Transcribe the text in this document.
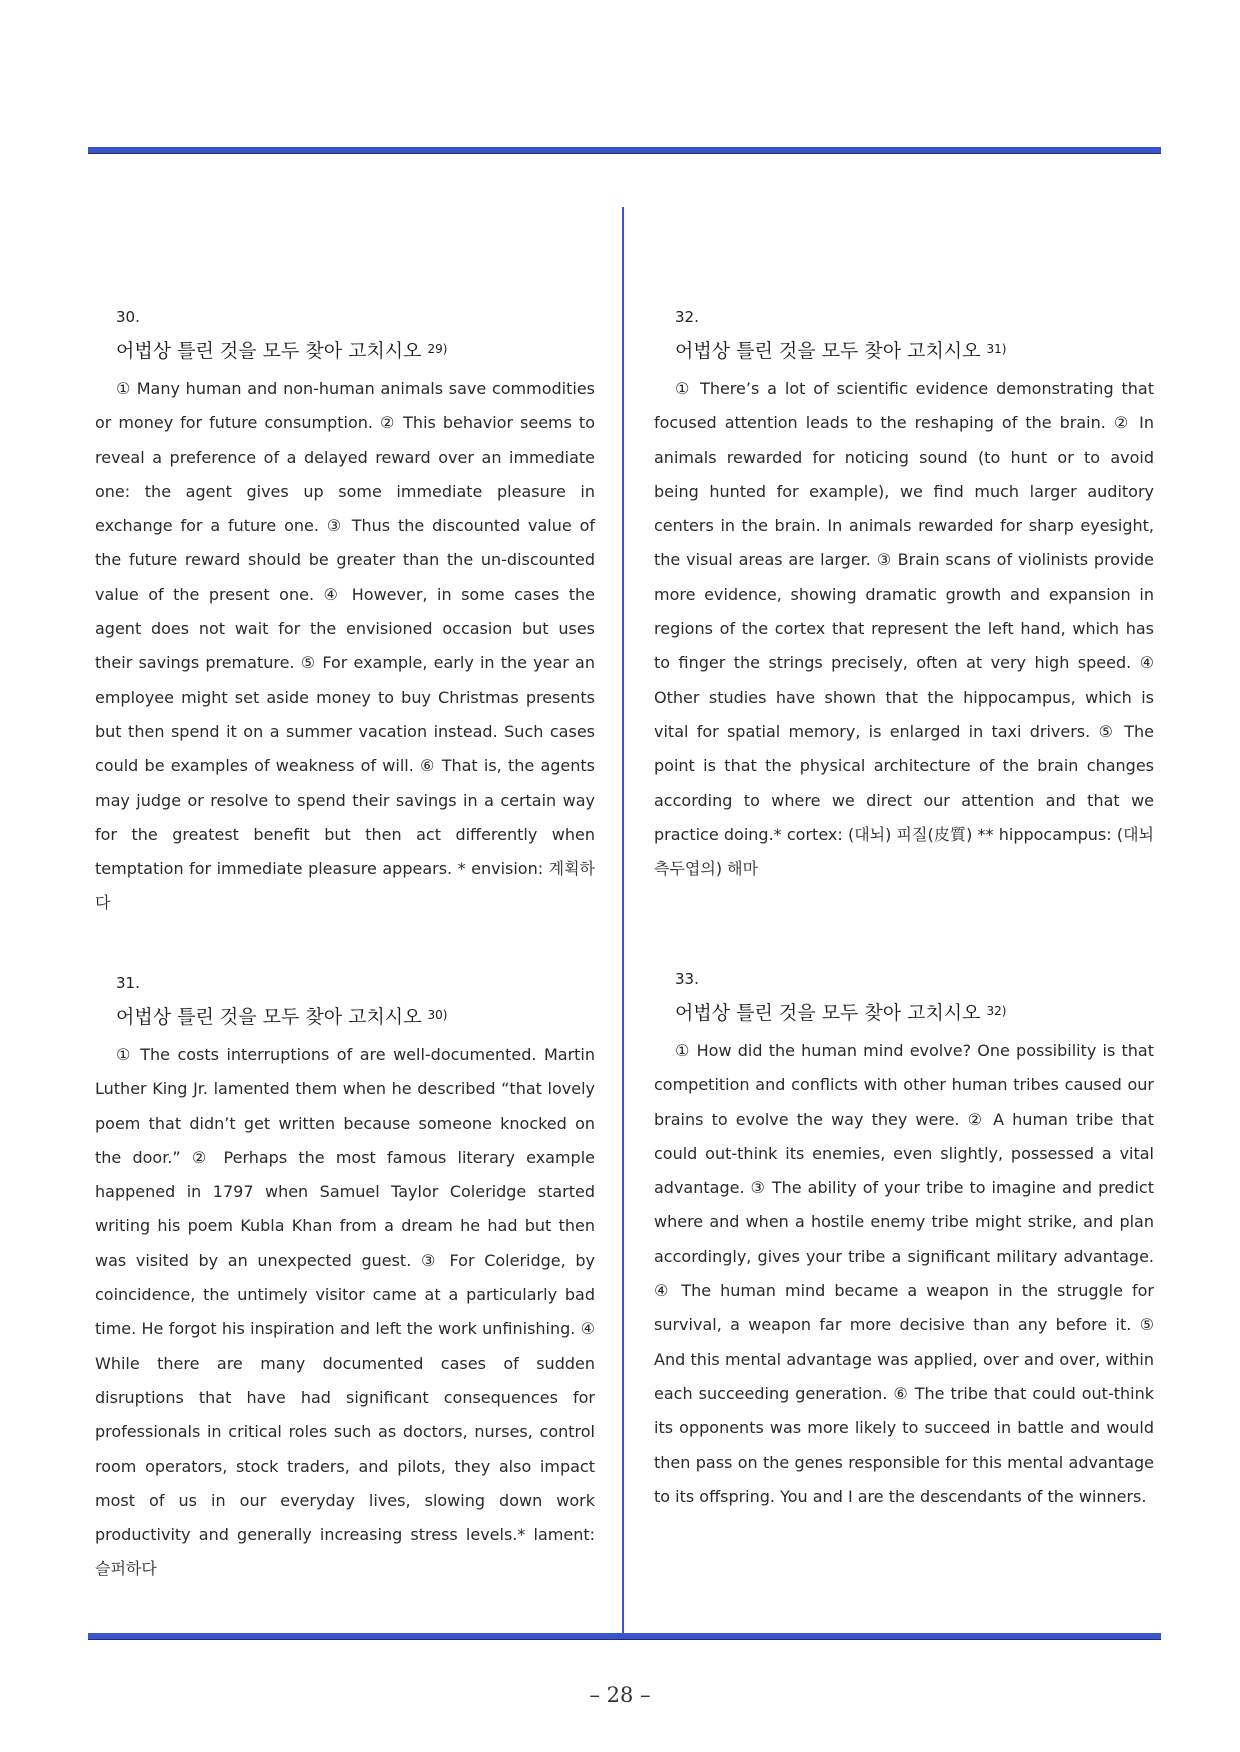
30.
어법상 틀린 것을 모두 찾아 고치시오 $^{29)}$

① Many human and non-human animals save commodities or money for future consumption. ② This behavior seems to reveal a preference of a delayed reward over an immediate one: the agent gives up some immediate pleasure in exchange for a future one. ③ Thus the discounted value of the future reward should be greater than the un-discounted value of the present one. ④ However, in some cases the agent does not wait for the envisioned occasion but uses their savings premature. ⑤ For example, early in the year an employee might set aside money to buy Christmas presents but then spend it on a summer vacation instead. Such cases could be examples of weakness of will. ⑥ That is, the agents may judge or resolve to spend their savings in a certain way for the greatest benefit but then act differently when temptation for immediate pleasure appears. * envision: 계획하다

31.
어법상 틀린 것을 모두 찾아 고치시오 $^{30)}$

① The costs interruptions of are well-documented. Martin Luther King Jr. lamented them when he described “that lovely poem that didn’t get written because someone knocked on the door.” ② Perhaps the most famous literary example happened in 1797 when Samuel Taylor Coleridge started writing his poem Kubla Khan from a dream he had but then was visited by an unexpected guest. ③ For Coleridge, by coincidence, the untimely visitor came at a particularly bad time. He forgot his inspiration and left the work unfinishing. ④ While there are many documented cases of sudden disruptions that have had significant consequences for professionals in critical roles such as doctors, nurses, control room operators, stock traders, and pilots, they also impact most of us in our everyday lives, slowing down work productivity and generally increasing stress levels.* lament: 슬퍼하다

32.
어법상 틀린 것을 모두 찾아 고치시오 $^{31)}$

① There’s a lot of scientific evidence demonstrating that focused attention leads to the reshaping of the brain. ② In animals rewarded for noticing sound (to hunt or to avoid being hunted for example), we find much larger auditory centers in the brain. In animals rewarded for sharp eyesight, the visual areas are larger. ③ Brain scans of violinists provide more evidence, showing dramatic growth and expansion in regions of the cortex that represent the left hand, which has to finger the strings precisely, often at very high speed. ④ Other studies have shown that the hippocampus, which is vital for spatial memory, is enlarged in taxi drivers. ⑤ The point is that the physical architecture of the brain changes according to where we direct our attention and that we practice doing.* cortex: (대뇌) 피질(皮質) ** hippocampus: (대뇌 측두엽의) 해마

33.
어법상 틀린 것을 모두 찾아 고치시오 $^{32)}$

① How did the human mind evolve? One possibility is that competition and conflicts with other human tribes caused our brains to evolve the way they were. ② A human tribe that could out-think its enemies, even slightly, possessed a vital advantage. ③ The ability of your tribe to imagine and predict where and when a hostile enemy tribe might strike, and plan accordingly, gives your tribe a significant military advantage. ④ The human mind became a weapon in the struggle for survival, a weapon far more decisive than any before it. ⑤ And this mental advantage was applied, over and over, within each succeeding generation. ⑥ The tribe that could out-think its opponents was more likely to succeed in battle and would then pass on the genes responsible for this mental advantage to its offspring. You and I are the descendants of the winners.

– 28 –
